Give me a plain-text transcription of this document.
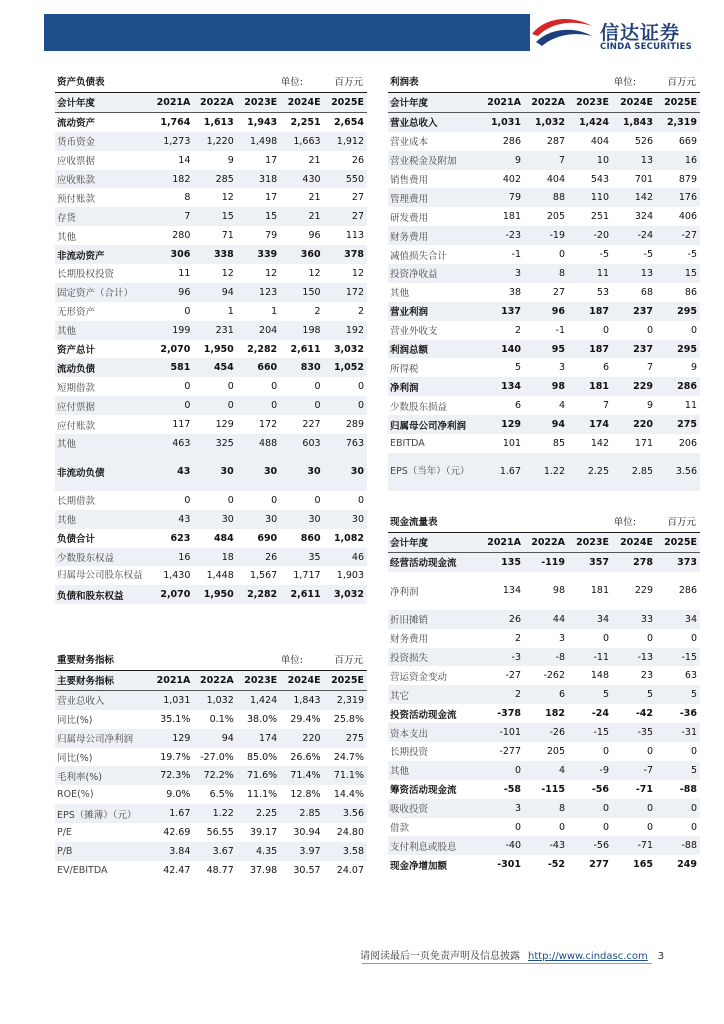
信达证券
CINDA SECURITIES
资产负债表	单位:	百万元
会计年度	2021A	2022A	2023E	2024E	2025E
流动资产	1,764	1,613	1,943	2,251	2,654
货币资金	1,273	1,220	1,498	1,663	1,912
应收票据	14	9	17	21	26
应收账款	182	285	318	430	550
预付账款	8	12	17	21	27
存货	7	15	15	21	27
其他	280	71	79	96	113
非流动资产	306	338	339	360	378
长期股权投资	11	12	12	12	12
固定资产（合计）	96	94	123	150	172
无形资产	0	1	1	2	2
其他	199	231	204	198	192
资产总计	2,070	1,950	2,282	2,611	3,032
流动负债	581	454	660	830	1,052
短期借款	0	0	0	0	0
应付票据	0	0	0	0	0
应付账款	117	129	172	227	289
其他	463	325	488	603	763
非流动负债	43	30	30	30	30
长期借款	0	0	0	0	0
其他	43	30	30	30	30
负债合计	623	484	690	860	1,082
少数股东权益	16	18	26	35	46
归属母公司股东权益	1,430	1,448	1,567	1,717	1,903
负债和股东权益	2,070	1,950	2,282	2,611	3,032
利润表	单位:	百万元
会计年度	2021A	2022A	2023E	2024E	2025E
营业总收入	1,031	1,032	1,424	1,843	2,319
营业成本	286	287	404	526	669
营业税金及附加	9	7	10	13	16
销售费用	402	404	543	701	879
管理费用	79	88	110	142	176
研发费用	181	205	251	324	406
财务费用	-23	-19	-20	-24	-27
减值损失合计	-1	0	-5	-5	-5
投资净收益	3	8	11	13	15
其他	38	27	53	68	86
营业利润	137	96	187	237	295
营业外收支	2	-1	0	0	0
利润总额	140	95	187	237	295
所得税	5	3	6	7	9
净利润	134	98	181	229	286
少数股东损益	6	4	7	9	11
归属母公司净利润	129	94	174	220	275
EBITDA	101	85	142	171	206
EPS（当年）（元）	1.67	1.22	2.25	2.85	3.56
现金流量表	单位:	百万元
会计年度	2021A	2022A	2023E	2024E	2025E
经营活动现金流	135	-119	357	278	373
净利润	134	98	181	229	286
折旧摊销	26	44	34	33	34
财务费用	2	3	0	0	0
投资损失	-3	-8	-11	-13	-15
营运资金变动	-27	-262	148	23	63
其它	2	6	5	5	5
投资活动现金流	-378	182	-24	-42	-36
资本支出	-101	-26	-15	-35	-31
长期投资	-277	205	0	0	0
其他	0	4	-9	-7	5
筹资活动现金流	-58	-115	-56	-71	-88
吸收投资	3	8	0	0	0
借款	0	0	0	0	0
支付利息或股息	-40	-43	-56	-71	-88
现金净增加额	-301	-52	277	165	249
重要财务指标	单位:	百万元
主要财务指标	2021A	2022A	2023E	2024E	2025E
营业总收入	1,031	1,032	1,424	1,843	2,319
同比(%)	35.1%	0.1%	38.0%	29.4%	25.8%
归属母公司净利润	129	94	174	220	275
同比(%)	19.7%	-27.0%	85.0%	26.6%	24.7%
毛利率(%)	72.3%	72.2%	71.6%	71.4%	71.1%
ROE(%)	9.0%	6.5%	11.1%	12.8%	14.4%
EPS（摊薄）（元）	1.67	1.22	2.25	2.85	3.56
P/E	42.69	56.55	39.17	30.94	24.80
P/B	3.84	3.67	4.35	3.97	3.58
EV/EBITDA	42.47	48.77	37.98	30.57	24.07
请阅读最后一页免责声明及信息披露 http://www.cindasc.com 3
